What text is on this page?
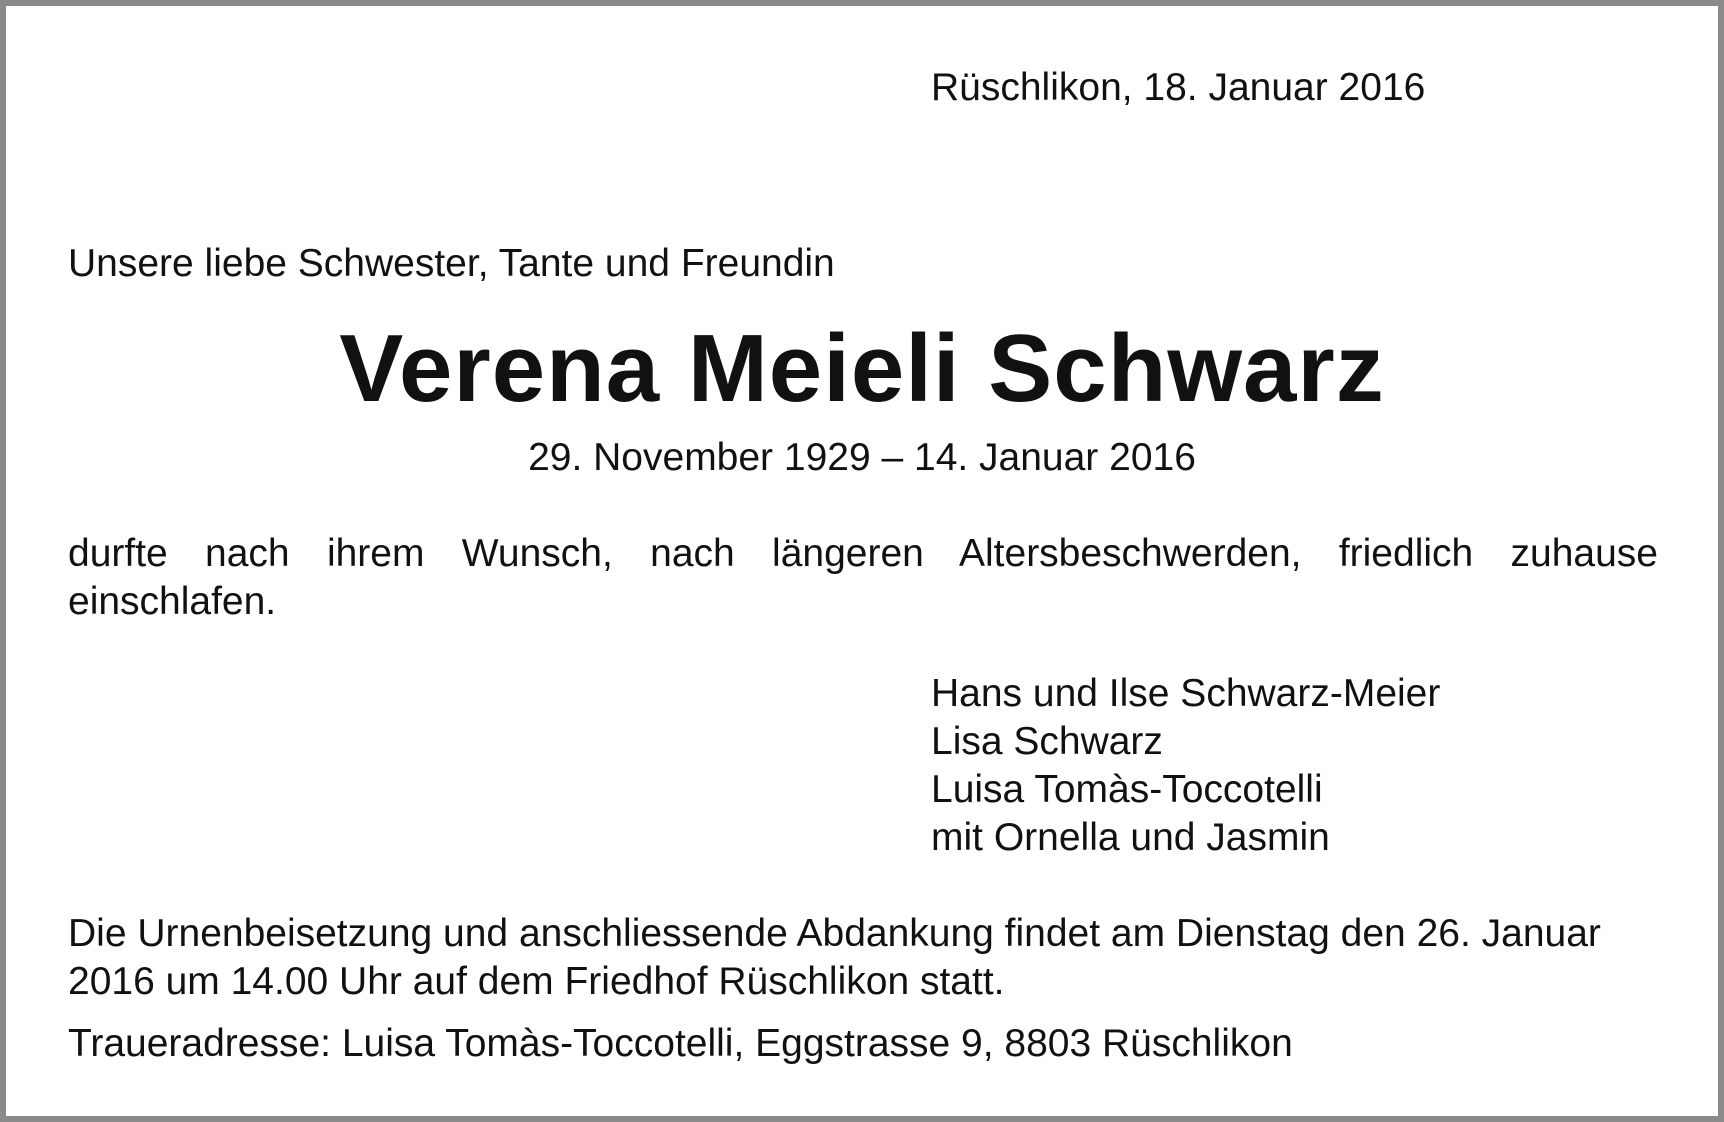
Rüschlikon, 18. Januar 2016

Unsere liebe Schwester, Tante und Freundin

Verena Meieli Schwarz

29. November 1929 – 14. Januar 2016

durfte nach ihrem Wunsch, nach längeren Altersbeschwerden, friedlich zuhause einschlafen.

Hans und Ilse Schwarz-Meier
Lisa Schwarz
Luisa Tomàs-Toccotelli
mit Ornella und Jasmin

Die Urnenbeisetzung und anschliessende Abdankung findet am Dienstag den 26. Januar 2016 um 14.00 Uhr auf dem Friedhof Rüschlikon statt.

Traueradresse: Luisa Tomàs-Toccotelli, Eggstrasse 9, 8803 Rüschlikon
